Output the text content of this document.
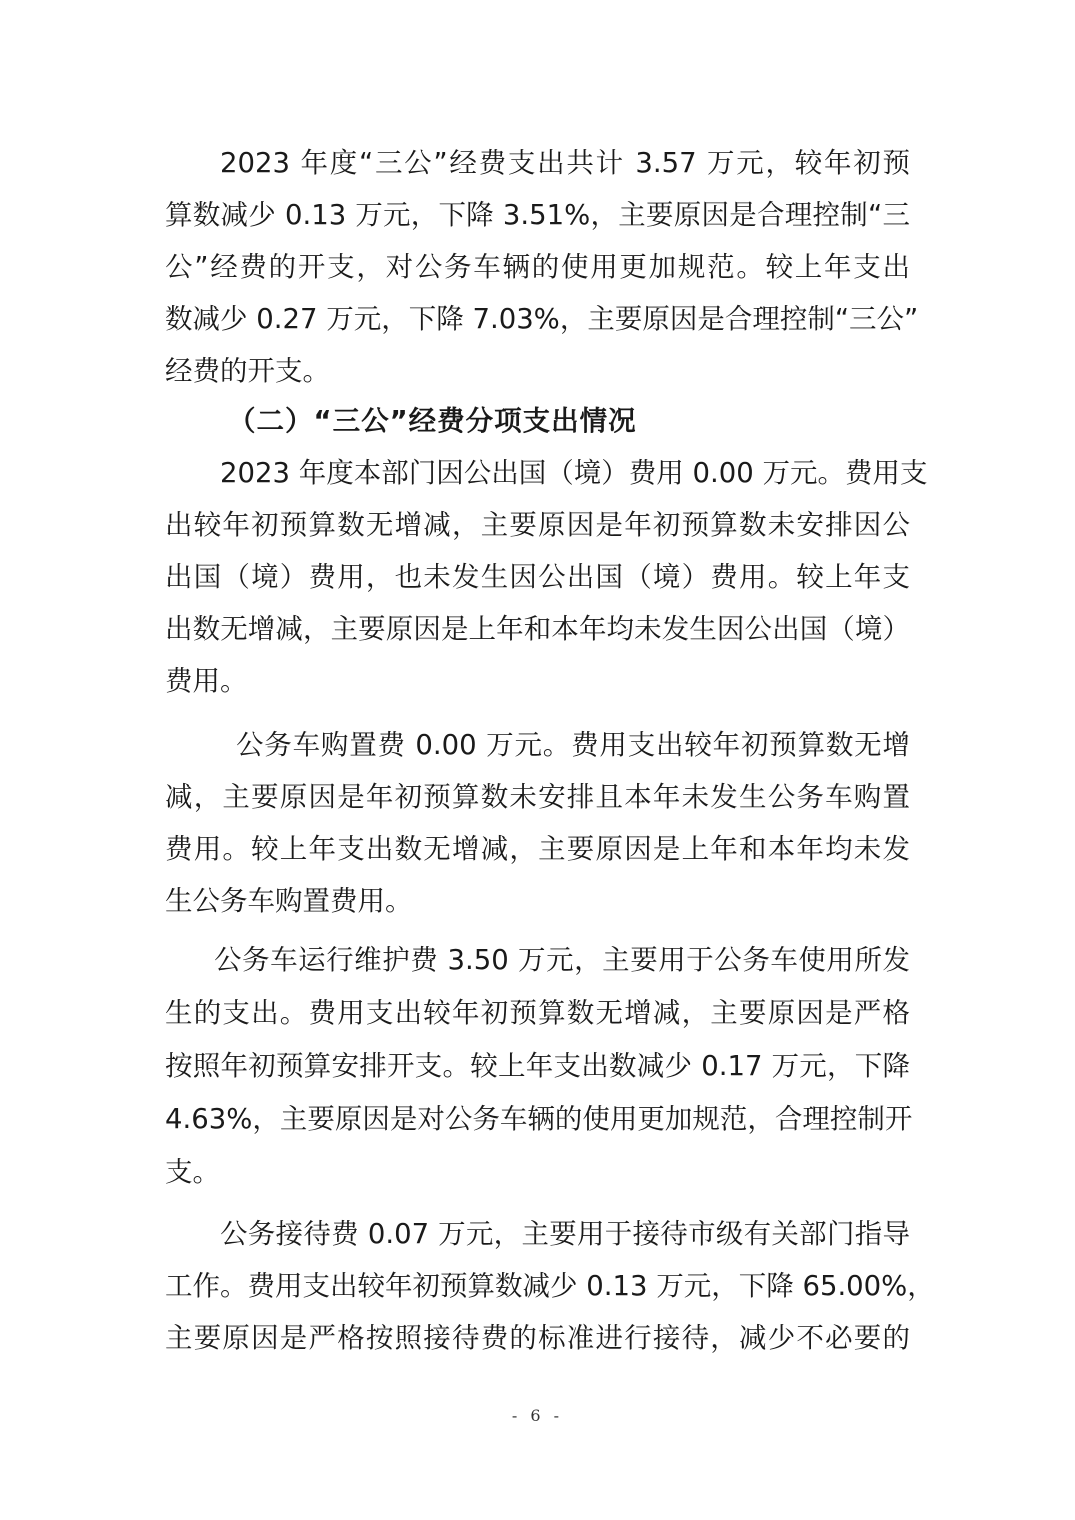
2023 年度“三公”经费支出共计 3.57 万元，较年初预
算数减少 0.13 万元，下降 3.51%，主要原因是合理控制“三
公”经费的开支，对公务车辆的使用更加规范。较上年支出
数减少 0.27 万元，下降 7.03%，主要原因是合理控制“三公”
经费的开支。
（二）“三公”经费分项支出情况
2023 年度本部门因公出国（境）费用 0.00 万元。费用支
出较年初预算数无增减，主要原因是年初预算数未安排因公
出国（境）费用，也未发生因公出国（境）费用。较上年支
出数无增减，主要原因是上年和本年均未发生因公出国（境）
费用。
公务车购置费 0.00 万元。费用支出较年初预算数无增
减，主要原因是年初预算数未安排且本年未发生公务车购置
费用。较上年支出数无增减，主要原因是上年和本年均未发
生公务车购置费用。
公务车运行维护费 3.50 万元，主要用于公务车使用所发
生的支出。费用支出较年初预算数无增减，主要原因是严格
按照年初预算安排开支。较上年支出数减少 0.17 万元，下降
4.63%，主要原因是对公务车辆的使用更加规范，合理控制开
支。
公务接待费 0.07 万元，主要用于接待市级有关部门指导
工作。费用支出较年初预算数减少 0.13 万元，下降 65.00%，
主要原因是严格按照接待费的标准进行接待，减少不必要的
- 6 -
